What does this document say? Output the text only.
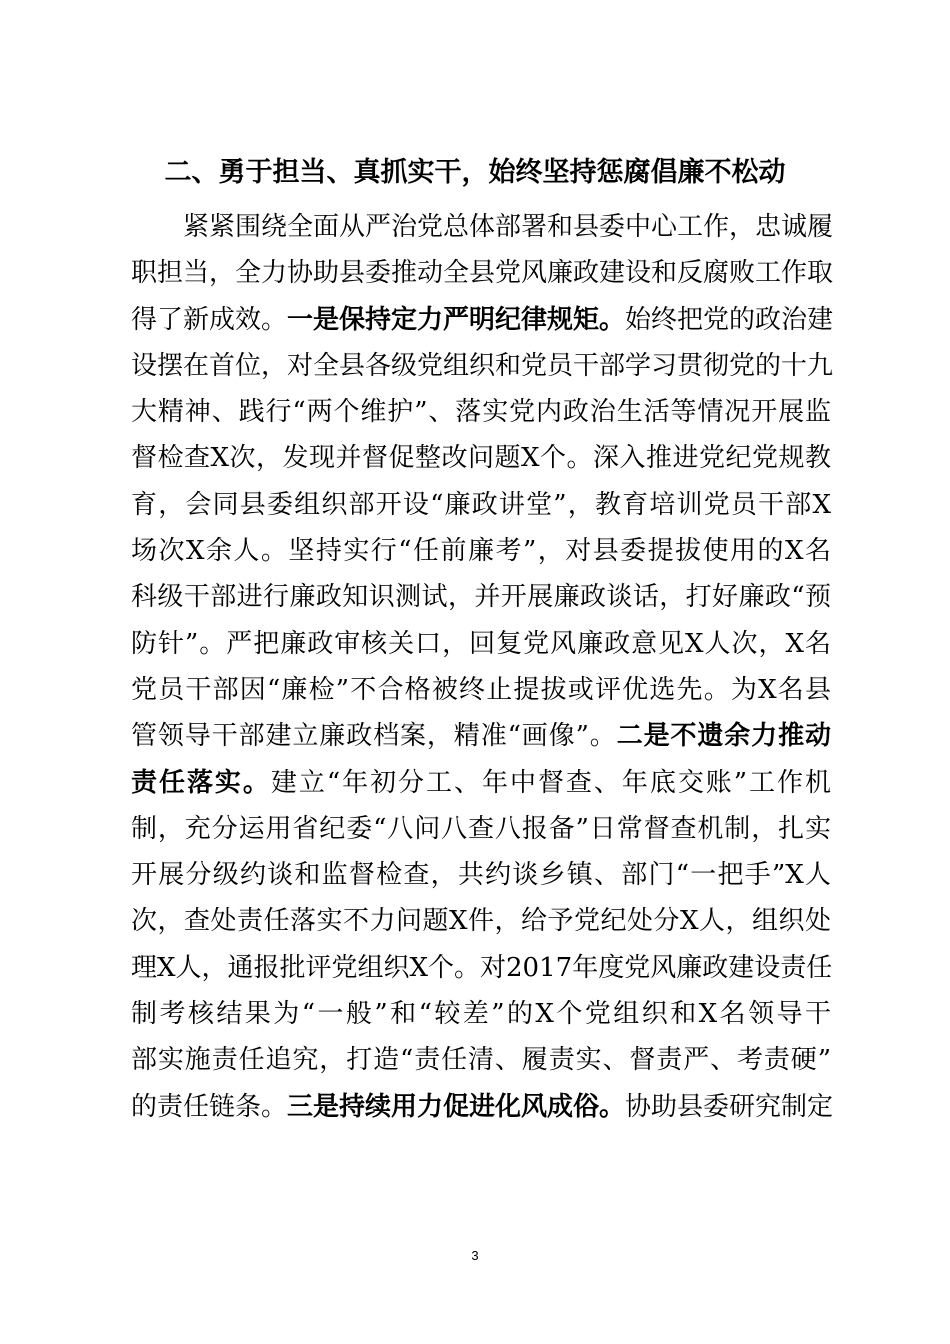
二、勇于担当、真抓实干，始终坚持惩腐倡廉不松动
紧紧围绕全面从严治党总体部署和县委中心工作，忠诚履
职担当，全力协助县委推动全县党风廉政建设和反腐败工作取
得了新成效。一是保持定力严明纪律规矩。始终把党的政治建
设摆在首位，对全县各级党组织和党员干部学习贯彻党的十九
大精神、践行“两个维护”、落实党内政治生活等情况开展监
督检查X次，发现并督促整改问题X个。深入推进党纪党规教
育，会同县委组织部开设“廉政讲堂”，教育培训党员干部X
场次X余人。坚持实行“任前廉考”，对县委提拔使用的X名
科级干部进行廉政知识测试，并开展廉政谈话，打好廉政“预
防针”。严把廉政审核关口，回复党风廉政意见X人次，X名
党员干部因“廉检”不合格被终止提拔或评优选先。为X名县
管领导干部建立廉政档案，精准“画像”。二是不遗余力推动
责任落实。建立“年初分工、年中督查、年底交账”工作机
制，充分运用省纪委“八问八查八报备”日常督查机制，扎实
开展分级约谈和监督检查，共约谈乡镇、部门“一把手”X人
次，查处责任落实不力问题X件，给予党纪处分X人，组织处
理X人，通报批评党组织X个。对2017年度党风廉政建设责任
制考核结果为“一般”和“较差”的X个党组织和X名领导干
部实施责任追究，打造“责任清、履责实、督责严、考责硬”
的责任链条。三是持续用力促进化风成俗。协助县委研究制定
3
